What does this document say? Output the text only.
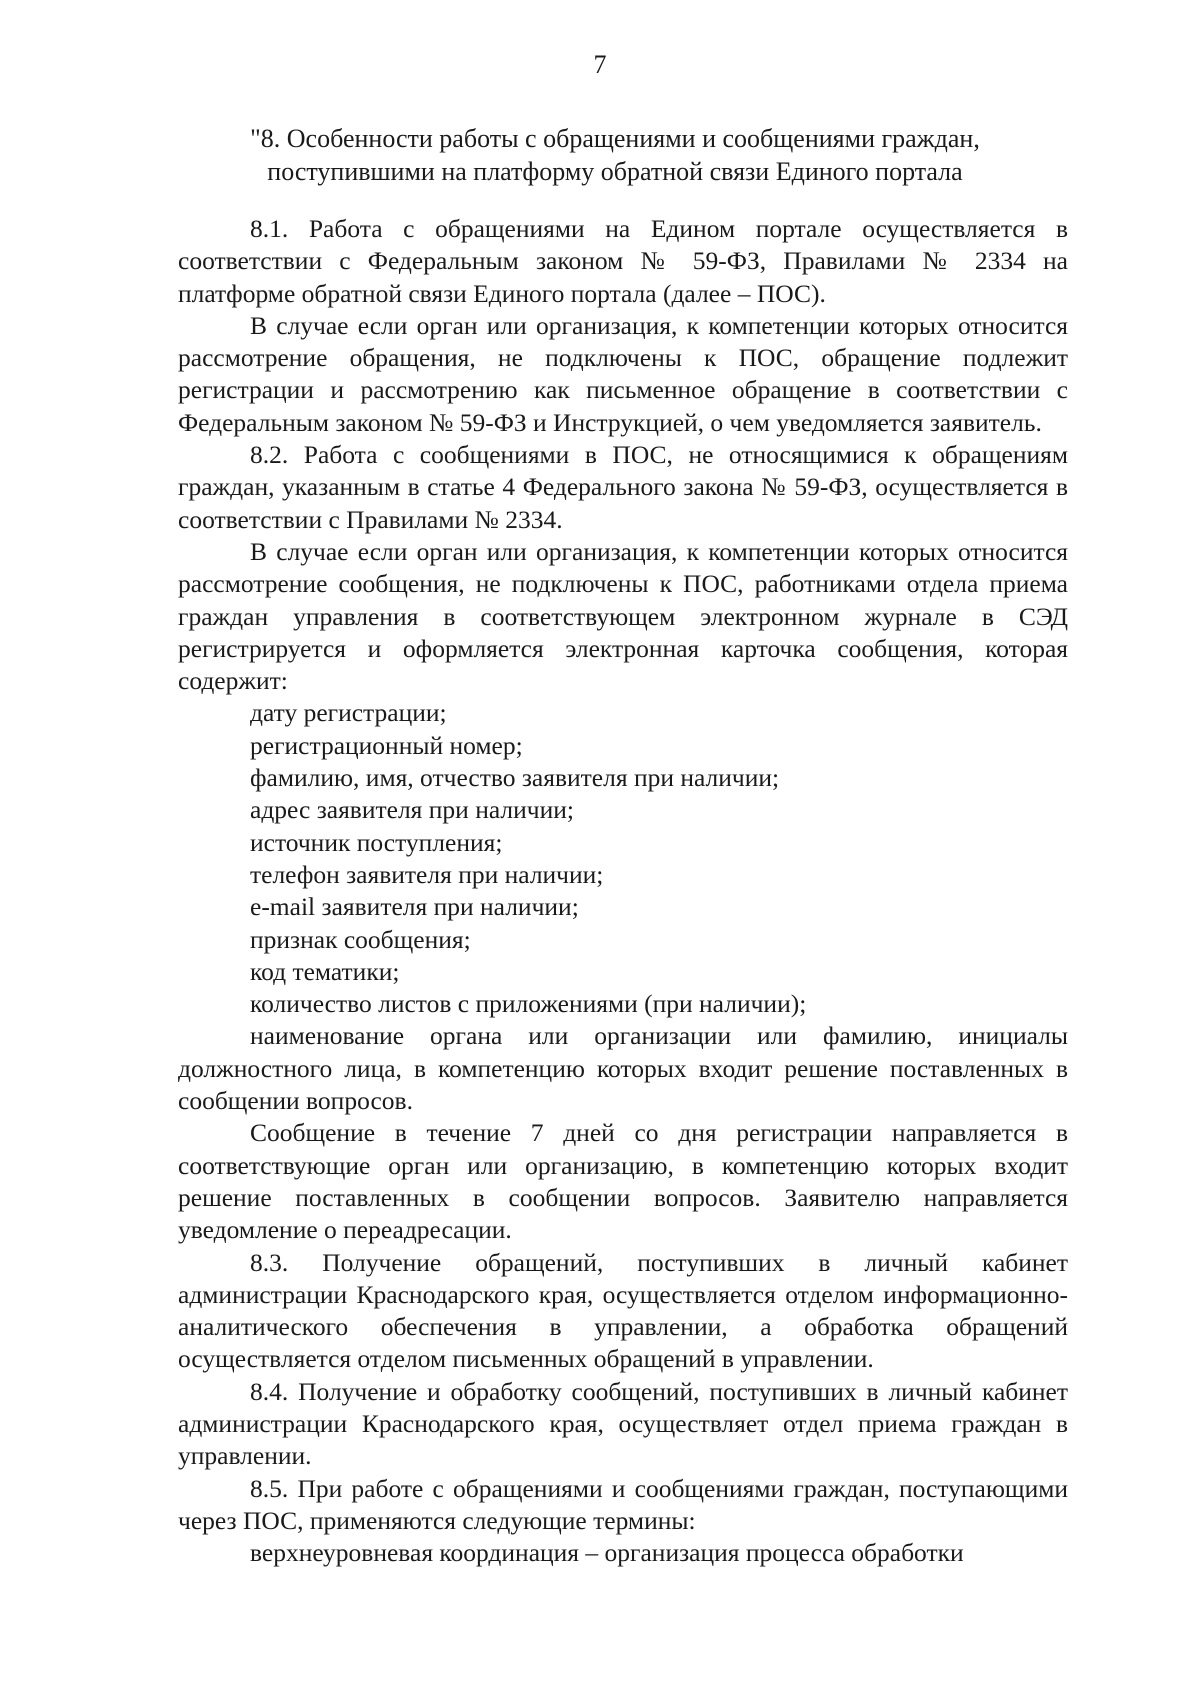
7
"8. Особенности работы с обращениями и сообщениями граждан,
поступившими на платформу обратной связи Единого портала

8.1. Работа с обращениями на Едином портале осуществляется в соответствии с Федеральным законом № 59-ФЗ, Правилами № 2334 на платформе обратной связи Единого портала (далее – ПОС).

В случае если орган или организация, к компетенции которых относится рассмотрение обращения, не подключены к ПОС, обращение подлежит регистрации и рассмотрению как письменное обращение в соответствии с Федеральным законом № 59-ФЗ и Инструкцией, о чем уведомляется заявитель.

8.2. Работа с сообщениями в ПОС, не относящимися к обращениям граждан, указанным в статье 4 Федерального закона № 59-ФЗ, осуществляется в соответствии с Правилами № 2334.

В случае если орган или организация, к компетенции которых относится рассмотрение сообщения, не подключены к ПОС, работниками отдела приема граждан управления в соответствующем электронном журнале в СЭД регистрируется и оформляется электронная карточка сообщения, которая содержит:

дату регистрации;

регистрационный номер;

фамилию, имя, отчество заявителя при наличии;

адрес заявителя при наличии;

источник поступления;

телефон заявителя при наличии;

e-mail заявителя при наличии;

признак сообщения;

код тематики;

количество листов с приложениями (при наличии);

наименование органа или организации или фамилию, инициалы должностного лица, в компетенцию которых входит решение поставленных в сообщении вопросов.

Сообщение в течение 7 дней со дня регистрации направляется в соответствующие орган или организацию, в компетенцию которых входит решение поставленных в сообщении вопросов. Заявителю направляется уведомление о переадресации.

8.3. Получение обращений, поступивших в личный кабинет администрации Краснодарского края, осуществляется отделом информационно-аналитического обеспечения в управлении, а обработка обращений осуществляется отделом письменных обращений в управлении.

8.4. Получение и обработку сообщений, поступивших в личный кабинет администрации Краснодарского края, осуществляет отдел приема граждан в управлении.

8.5. При работе с обращениями и сообщениями граждан, поступающими через ПОС, применяются следующие термины:

верхнеуровневая координация – организация процесса обработки
